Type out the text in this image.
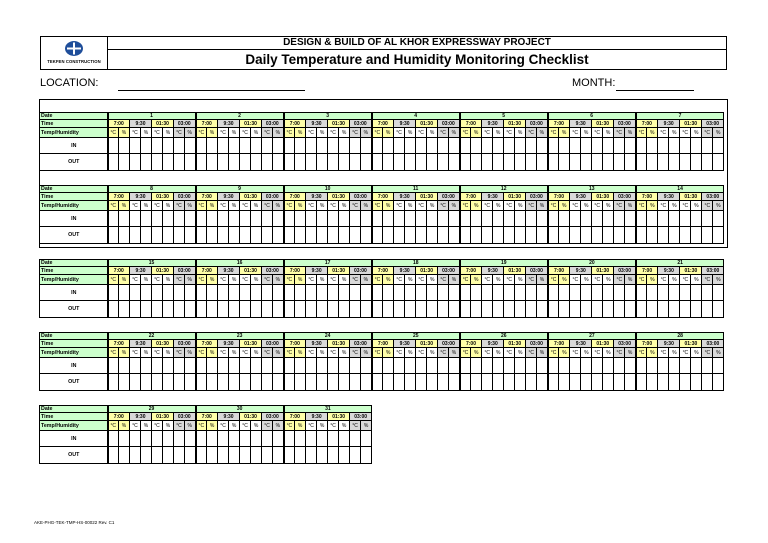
TEKFEN CONSTRUCTION
DESIGN & BUILD OF AL KHOR EXPRESSWAY PROJECT
Daily Temperature and Humidity Monitoring Checklist
LOCATION:	MONTH:
Date	1								2								3								4								5								6								7							
Time	7:00		9:30		01:30		03:00		7:00		9:30		01:30		03:00		7:00		9:30		01:30		03:00		7:00		9:30		01:30		03:00		7:00		9:30		01:30		03:00		7:00		9:30		01:30		03:00		7:00		9:30		01:30		03:00	
Temp/Humidity	°C	%	°C	%	°C	%	°C	%	°C	%	°C	%	°C	%	°C	%	°C	%	°C	%	°C	%	°C	%	°C	%	°C	%	°C	%	°C	%	°C	%	°C	%	°C	%	°C	%	°C	%	°C	%	°C	%	°C	%	°C	%	°C	%	°C	%	°C	%
IN																																																								
OUT																																																								
Date	8								9								10								11								12								13								14							
Time	7:00		9:30		01:30		03:00		7:00		9:30		01:30		03:00		7:00		9:30		01:30		03:00		7:00		9:30		01:30		03:00		7:00		9:30		01:30		03:00		7:00		9:30		01:30		03:00		7:00		9:30		01:30		03:00	
Temp/Humidity	°C	%	°C	%	°C	%	°C	%	°C	%	°C	%	°C	%	°C	%	°C	%	°C	%	°C	%	°C	%	°C	%	°C	%	°C	%	°C	%	°C	%	°C	%	°C	%	°C	%	°C	%	°C	%	°C	%	°C	%	°C	%	°C	%	°C	%	°C	%
IN																																																								
OUT																																																								
Date	15								16								17								18								19								20								21							
Time	7:00		9:30		01:30		03:00		7:00		9:30		01:30		03:00		7:00		9:30		01:30		03:00		7:00		9:30		01:30		03:00		7:00		9:30		01:30		03:00		7:00		9:30		01:30		03:00		7:00		9:30		01:30		03:00	
Temp/Humidity	°C	%	°C	%	°C	%	°C	%	°C	%	°C	%	°C	%	°C	%	°C	%	°C	%	°C	%	°C	%	°C	%	°C	%	°C	%	°C	%	°C	%	°C	%	°C	%	°C	%	°C	%	°C	%	°C	%	°C	%	°C	%	°C	%	°C	%	°C	%
IN																																																								
OUT																																																								
Date	22								23								24								25								26								27								28							
Time	7:00		9:30		01:30		03:00		7:00		9:30		01:30		03:00		7:00		9:30		01:30		03:00		7:00		9:30		01:30		03:00		7:00		9:30		01:30		03:00		7:00		9:30		01:30		03:00		7:00		9:30		01:30		03:00	
Temp/Humidity	°C	%	°C	%	°C	%	°C	%	°C	%	°C	%	°C	%	°C	%	°C	%	°C	%	°C	%	°C	%	°C	%	°C	%	°C	%	°C	%	°C	%	°C	%	°C	%	°C	%	°C	%	°C	%	°C	%	°C	%	°C	%	°C	%	°C	%	°C	%
IN																																																								
OUT																																																								
Date	29								30								31							
Time	7:00		9:30		01:30		03:00		7:00		9:30		01:30		03:00		7:00		9:30		01:30		03:00	
Temp/Humidity	°C	%	°C	%	°C	%	°C	%	°C	%	°C	%	°C	%	°C	%	°C	%	°C	%	°C	%	°C	%
IN																								
OUT																								
AKE-PHG-TEK-TMP-HS-00022 Rev. C1
